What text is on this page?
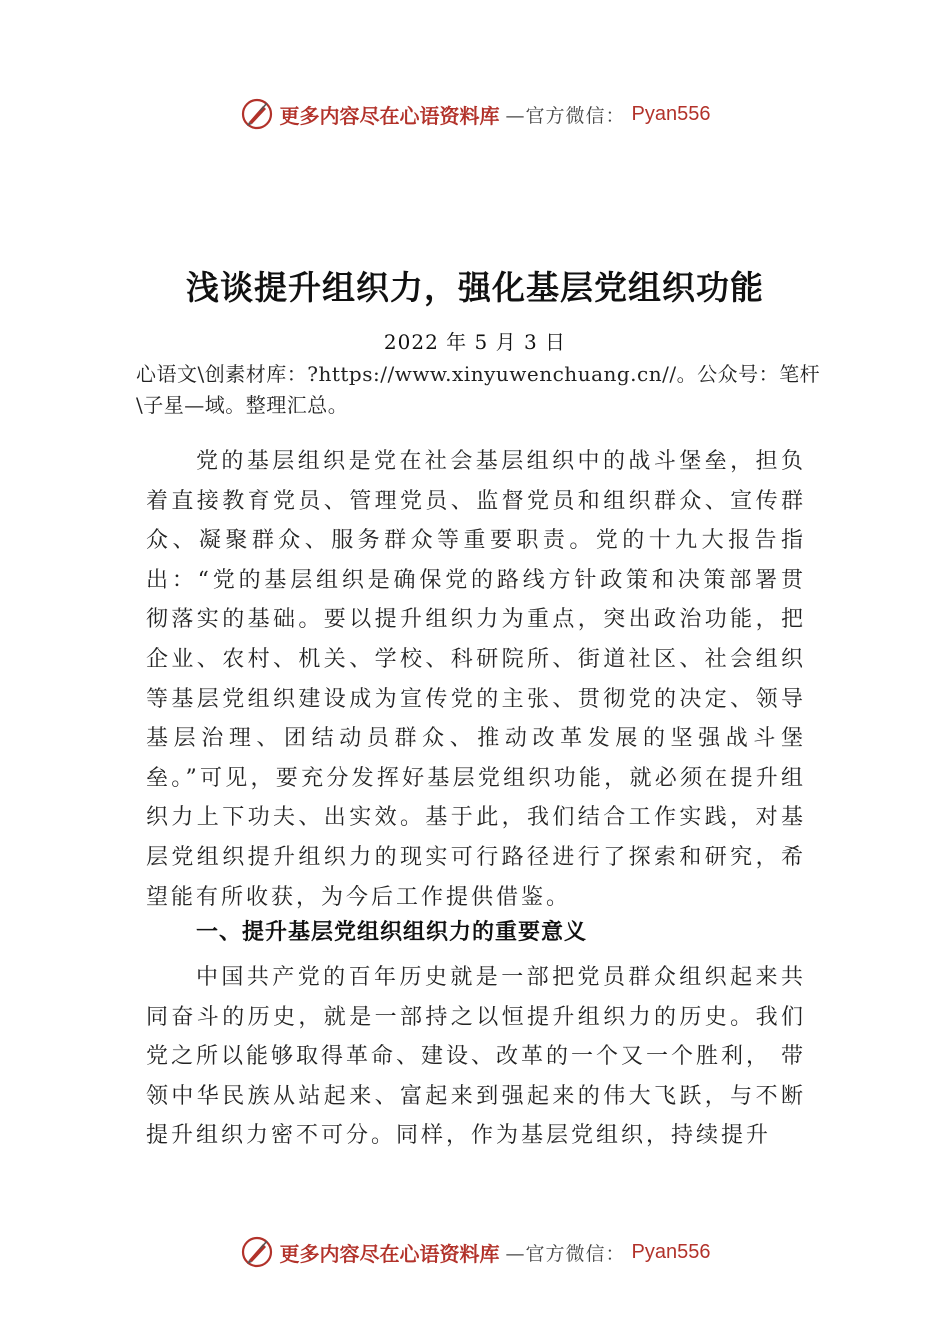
更多内容尽在心语资料库 —官方微信： Pyan556
浅谈提升组织力，强化基层党组织功能
2022 年 5 月 3 日
心语文\创素材库：?https://www.xinyuwenchuang.cn//。公众号：笔杆\子星—域。整理汇总。
党的基层组织是党在社会基层组织中的战斗堡垒，担负着直接教育党员、管理党员、监督党员和组织群众、宣传群众、凝聚群众、服务群众等重要职责。党的十九大报告指出：“党的基层组织是确保党的路线方针政策和决策部署贯彻落实的基础。要以提升组织力为重点，突出政治功能，把企业、农村、机关、学校、科研院所、街道社区、社会组织等基层党组织建设成为宣传党的主张、贯彻党的决定、领导基层治理、团结动员群众、推动改革发展的坚强战斗堡垒。”可见，要充分发挥好基层党组织功能，就必须在提升组织力上下功夫、出实效。基于此，我们结合工作实践，对基层党组织提升组织力的现实可行路径进行了探索和研究，希望能有所收获，为今后工作提供借鉴。
一、提升基层党组织组织力的重要意义
中国共产党的百年历史就是一部把党员群众组织起来共同奋斗的历史，就是一部持之以恒提升组织力的历史。我们党之所以能够取得革命、建设、改革的一个又一个胜利， 带领中华民族从站起来、富起来到强起来的伟大飞跃，与不断提升组织力密不可分。同样，作为基层党组织，持续提升
更多内容尽在心语资料库 —官方微信： Pyan556
